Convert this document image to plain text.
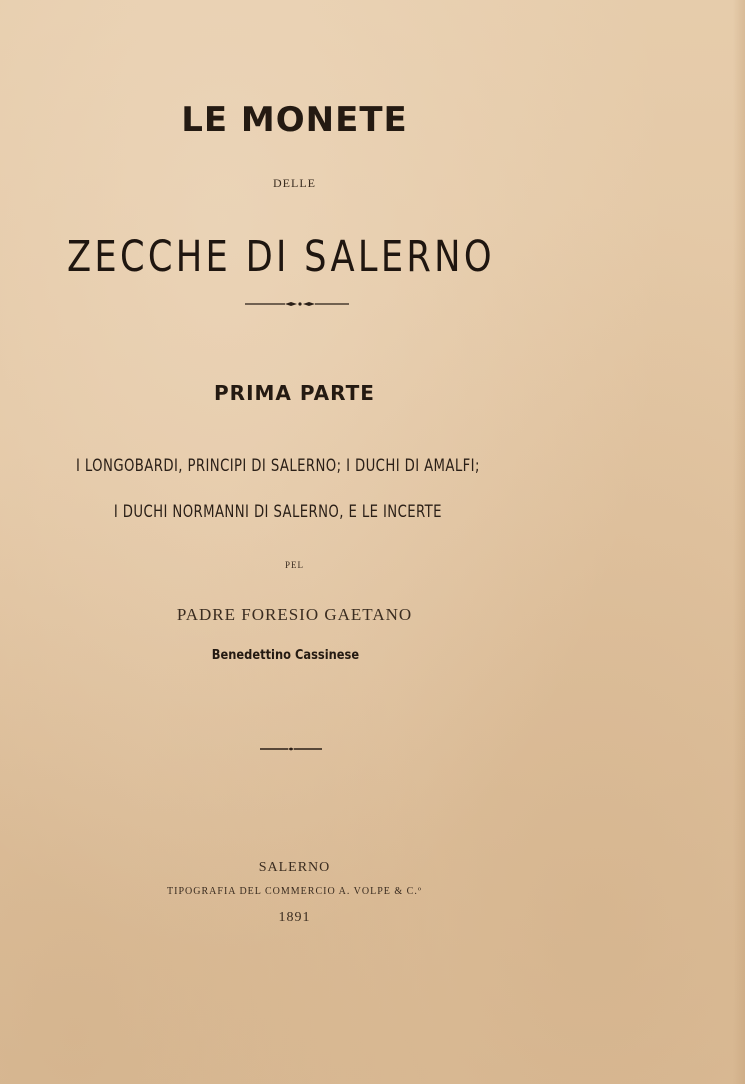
LE MONETE
DELLE
ZECCHE DI SALERNO
PRIMA PARTE
I LONGOBARDI, PRINCIPI DI SALERNO; I DUCHI DI AMALFI;
I DUCHI NORMANNI DI SALERNO, E LE INCERTE
PEL
PADRE FORESIO GAETANO
Benedettino Cassinese
SALERNO
TIPOGRAFIA DEL COMMERCIO A. VOLPE & C.º
1891
